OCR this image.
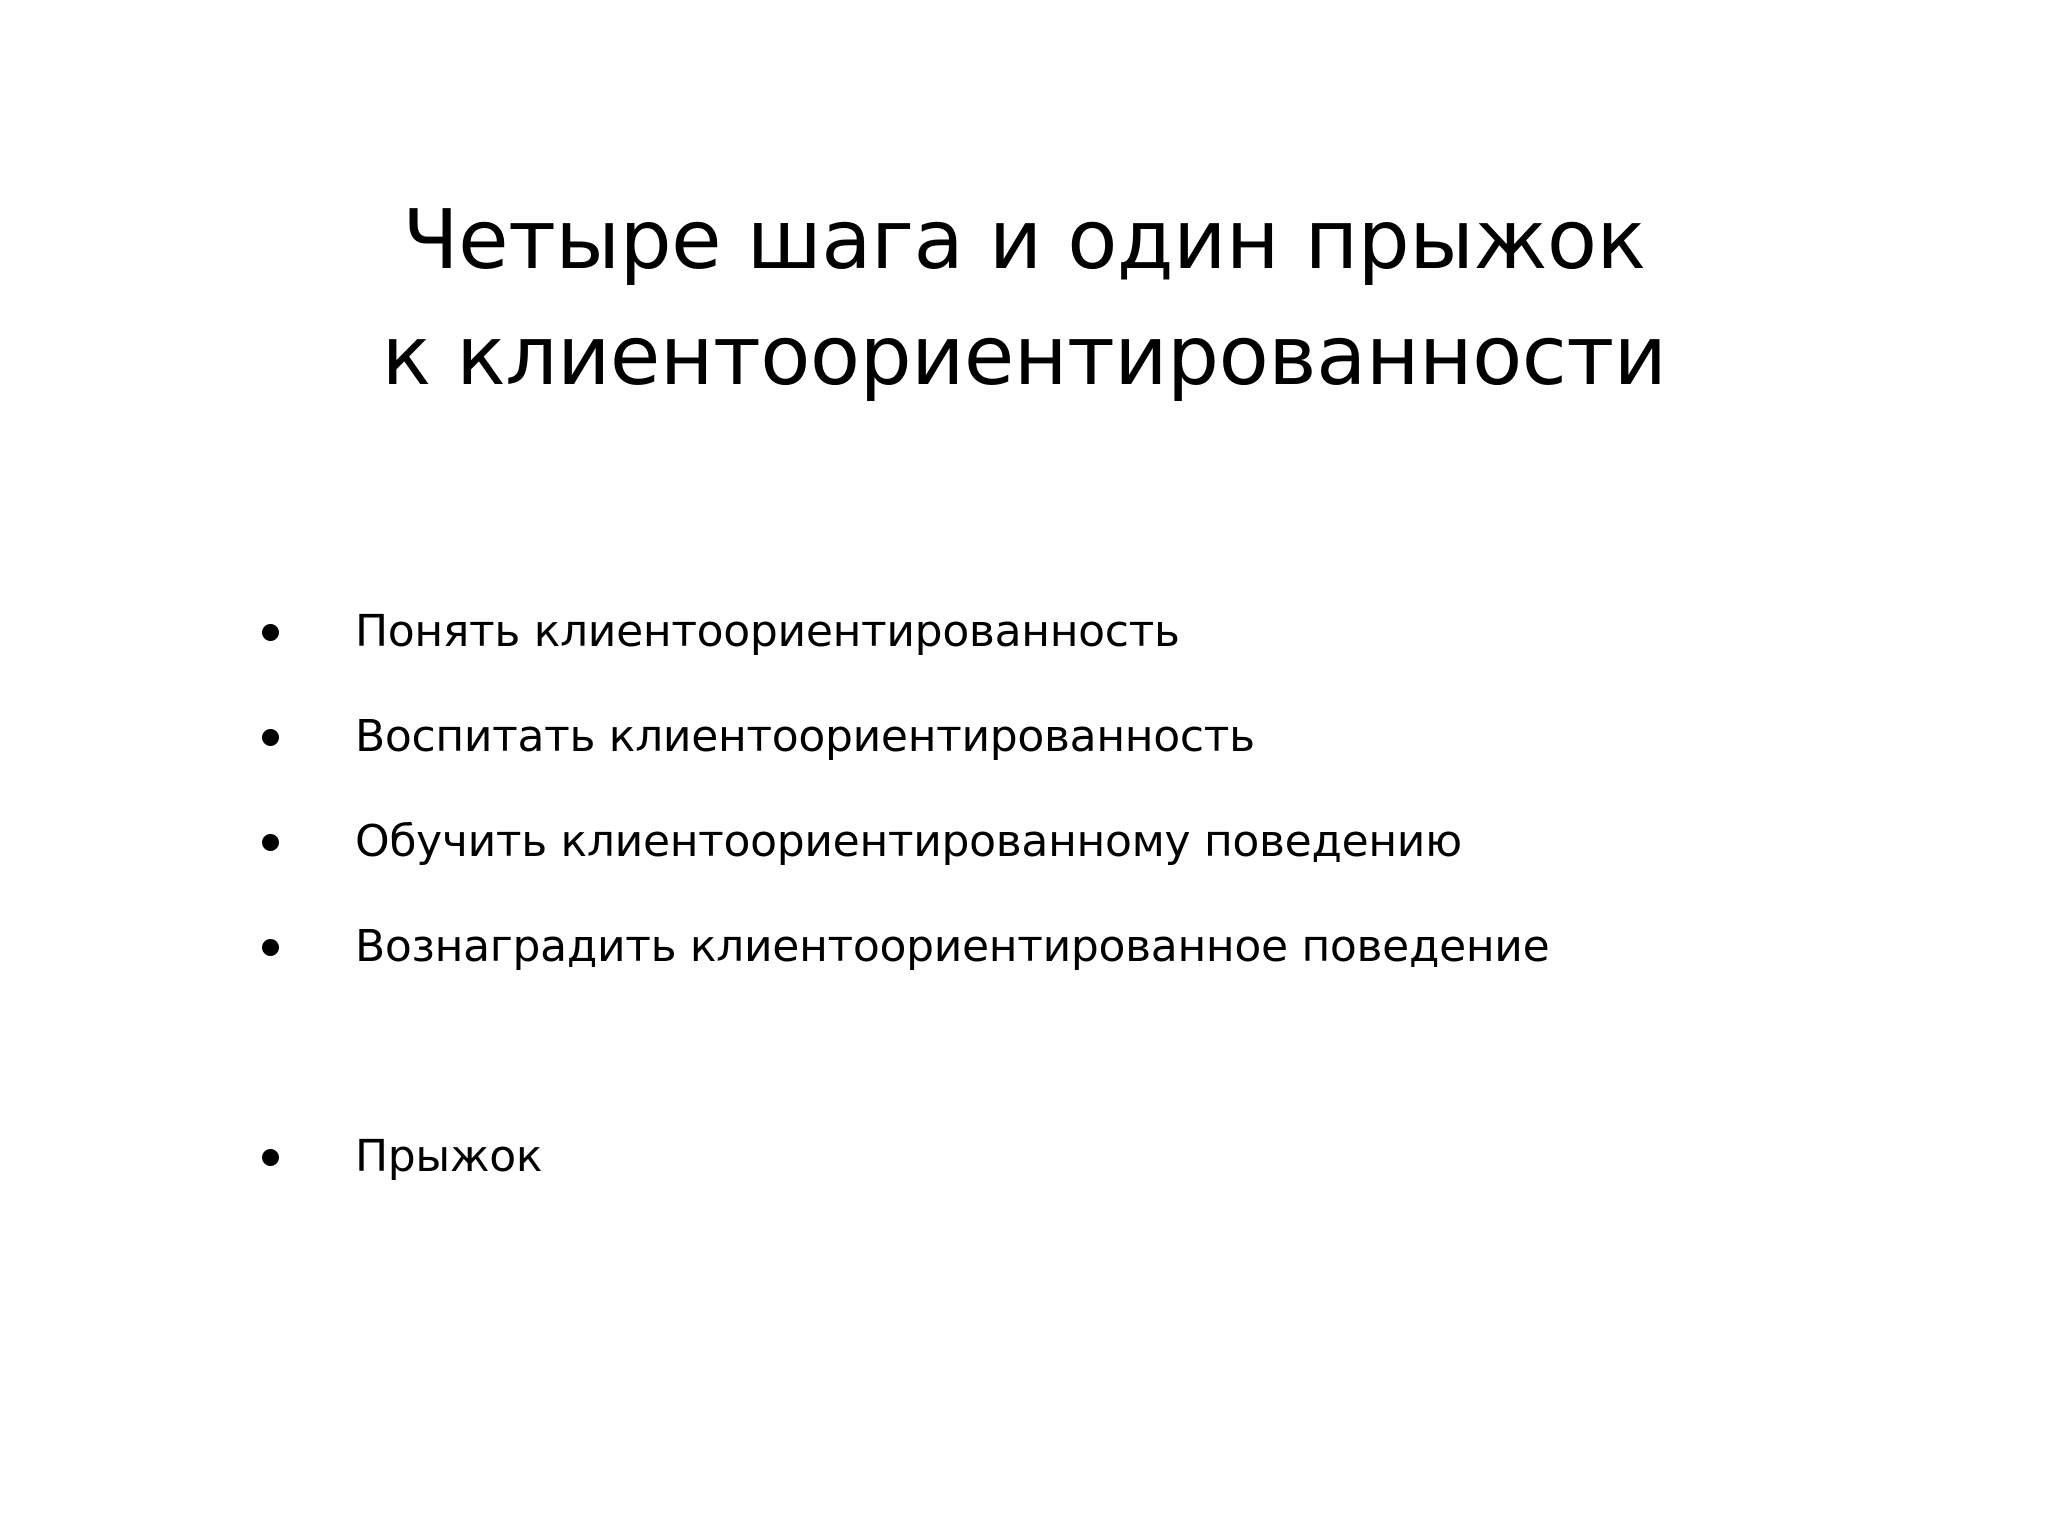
Четыре шага и один прыжок
к клиентоориентированности
Понять клиентоориентированность
Воспитать клиентоориентированность
Обучить клиентоориентированному поведению
Вознаградить клиентоориентированное поведение
Прыжок
